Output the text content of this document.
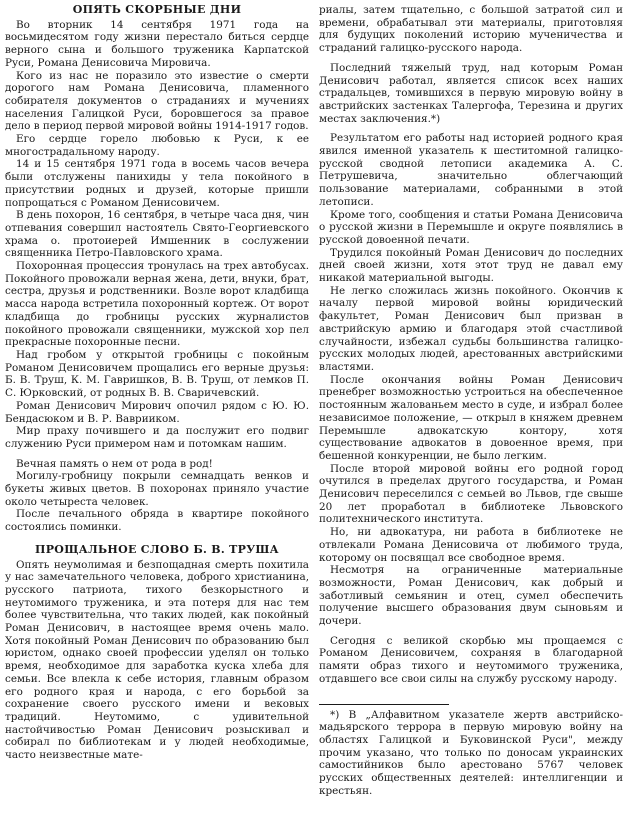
ОПЯТЬ СКОРБНЫЕ ДНИ

Во вторник 14 сентября 1971 года на восьмидесятом году жизни перестало биться сердце верного сына и большого труженика Карпатской Руси, Романа Денисовича Мировича.

Кого из нас не поразило это известие о смерти дорогого нам Романа Денисовича, пламенного собирателя документов о страданиях и мучениях населения Галицкой Руси, боровшегося за правое дело в период первой мировой войны 1914-1917 годов.

Его сердце горело любовью к Руси, к ее многострадальному народу.

14 и 15 сентября 1971 года в восемь часов вечера были отслужены панихиды у тела покойного в присутствии родных и друзей, которые пришли попрощаться с Романом Денисовичем.

В день похорон, 16 сентября, в четыре часа дня, чин отпевания совершил настоятель Свято-Георгиевского храма о. протоиерей Имшенник в сослужении священника Петро-Павловского храма.

Похоронная процессия тронулась на трех автобусах. Покойного провожали верная жена, дети, внуки, брат, сестра, друзья и родственники. Возле ворот кладбища масса народа встретила похоронный кортеж. От ворот кладбища до гробницы русских журналистов покойного провожали священники, мужской хор пел прекрасные похоронные песни.

Над гробом у открытой гробницы с покойным Романом Денисовичем прощались его верные друзья: Б. В. Труш, К. М. Гавришков, В. В. Труш, от лемков П. С. Юрковский, от родных В. В. Сваричевский.

Роман Денисович Мирович опочил рядом с Ю. Ю. Бендасюком и В. Р. Ваврииком.

Мир праху почившего и да послужит его подвиг служению Руси примером нам и потомкам нашим.

Вечная память о нем от рода в род!

Могилу-гробницу покрыли семнадцать венков и букеты живых цветов. В похоронах приняло участие около четыреста человек.

После печального обряда в квартире покойного состоялись поминки.

ПРОЩАЛЬНОЕ СЛОВО Б. В. ТРУША

Опять неумолимая и безпощадная смерть похитила у нас замечательного человека, доброго христианина, русского патриота, тихого безкорыстного и неутомимого труженика, и эта потеря для нас тем более чувствительна, что таких людей, как покойный Роман Денисович, в настоящее время очень мало. Хотя покойный Роман Денисович по образованию был юристом, однако своей профессии уделял он только время, необходимое для заработка куска хлеба для семьи. Все влекла к себе история, главным образом его родного края и народа, с его борьбой за сохранение своего русского имени и вековых традиций. Неутомимо, с удивительной настойчивостью Роман Денисович розыскивал и собирал по библиотекам и у людей необходимые, часто неизвестные мате-

риалы, затем тщательно, с большой затратой сил и времени, обрабатывал эти материалы, приготовляя для будущих поколений историю мученичества и страданий галицко-русского народа.

Последний тяжелый труд, над которым Роман Денисович работал, является список всех наших страдальцев, томившихся в первую мировую войну в австрийских застенках Талергофа, Терезина и других местах заключения.*)

Результатом его работы над историей родного края явился именной указатель к шеститомной галицко-русской сводной летописи академика А. С. Петрушевича, значительно облегчающий пользование материалами, собранными в этой летописи.

Кроме того, сообщения и статьи Романа Денисовича о русской жизни в Перемышле и округе появлялись в русской довоенной печати.

Трудился покойный Роман Денисович до последних дней своей жизни, хотя этот труд не давал ему никакой материальной выгоды.

Не легко сложилась жизнь покойного. Окончив к началу первой мировой войны юридический факультет, Роман Денисович был призван в австрийскую армию и благодаря этой счастливой случайности, избежал судьбы большинства галицко-русских молодых людей, арестованных австрийскими властями.

После окончания войны Роман Денисович пренебрег возможностью устроиться на обеспеченное постоянным жалованьем место в суде, и избрал более независимое положение, — открыл в княжем древнем Перемышле адвокатскую контору, хотя существование адвокатов в довоенное время, при бешенной конкуренции, не было легким.

После второй мировой войны его родной город очутился в пределах другого государства, и Роман Денисович переселился с семьей во Львов, где свыше 20 лет проработал в библиотеке Львовского политехнического института.

Но, ни адвокатура, ни работа в библиотеке не отвлекали Романа Денисовича от любимого труда, которому он посвящал все свободное время.

Несмотря на ограниченные материальные возможности, Роман Денисович, как добрый и заботливый семьянин и отец, сумел обеспечить получение высшего образования двум сыновьям и дочери.

Сегодня с великой скорбью мы прощаемся с Романом Денисовичем, сохраняя в благодарной памяти образ тихого и неутомимого труженика, отдавшего все свои силы на службу русскому народу.

*) В „Алфавитном указателе жертв австрийско-мадьярского террора в первую мировую войну на областях Галицкой и Буковинской Руси", между прочим указано, что только по доносам украинских самостийников было арестовано 5767 человек русских общественных деятелей: интеллигенции и крестьян.
